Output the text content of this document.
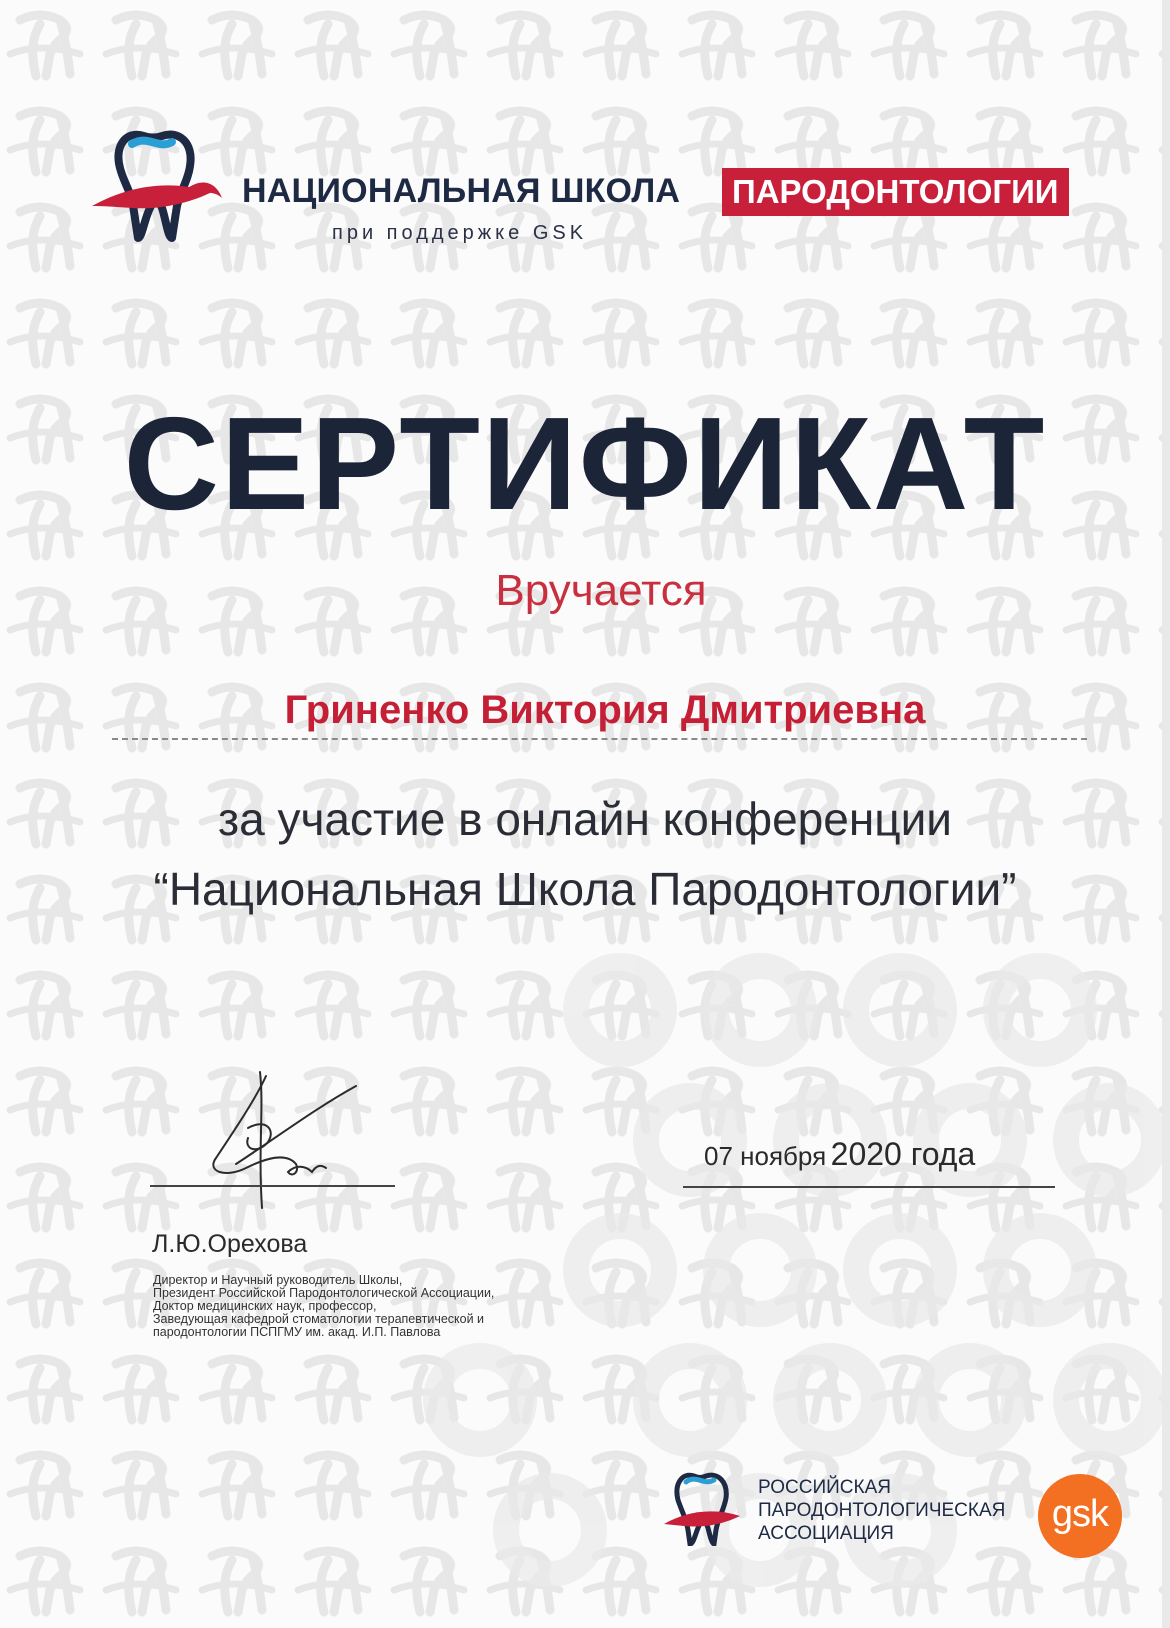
НАЦИОНАЛЬНАЯ ШКОЛА	ПАРОДОНТОЛОГИИ
при поддержке GSK
СЕРТИФИКАТ
Вручается
Гриненко Виктория Дмитриевна
за участие в онлайн конференции
“Национальная Школа Пародонтологии”
Л.Ю.Орехова
Директор и Научный руководитель Школы,
Президент Российской Пародонтологической Ассоциации,
Доктор медицинских наук, профессор,
Заведующая кафедрой стоматологии терапевтической и
пародонтологии ПСПГМУ им. акад. И.П. Павлова
07 ноября 2020 года
РОССИЙСКАЯ
ПАРОДОНТОЛОГИЧЕСКАЯ
АССОЦИАЦИЯ	gsk
